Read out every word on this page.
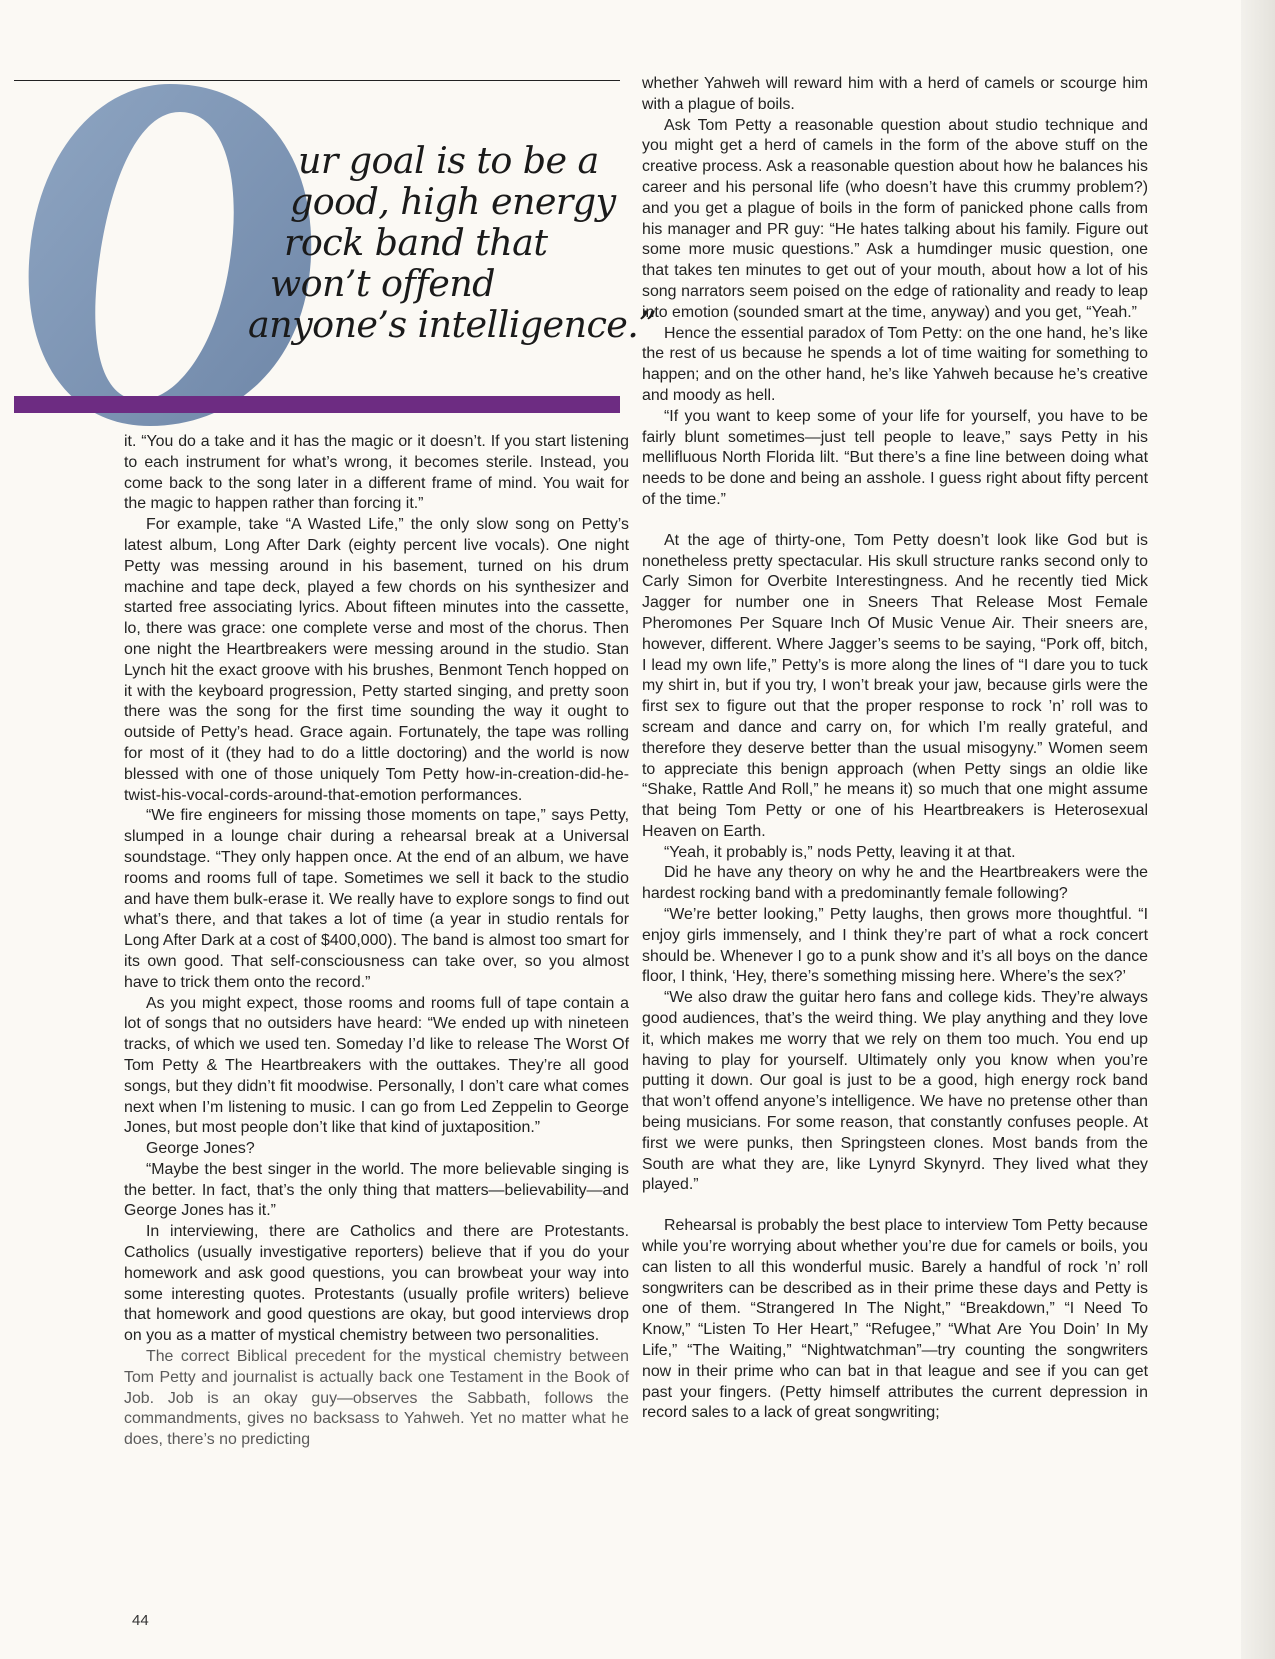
ur goal is to be a
good, high energy
rock band that
won’t offend
anyone’s intelligence.”

it. “You do a take and it has the magic or it doesn’t. If you start listening to each instrument for what’s wrong, it becomes sterile. Instead, you come back to the song later in a different frame of mind. You wait for the magic to happen rather than forcing it.”

For example, take “A Wasted Life,” the only slow song on Petty’s latest album, Long After Dark (eighty percent live vocals). One night Petty was messing around in his basement, turned on his drum machine and tape deck, played a few chords on his synthesizer and started free associating lyrics. About fifteen minutes into the cassette, lo, there was grace: one complete verse and most of the chorus. Then one night the Heartbreakers were messing around in the studio. Stan Lynch hit the exact groove with his brushes, Benmont Tench hopped on it with the keyboard progression, Petty started singing, and pretty soon there was the song for the first time sounding the way it ought to outside of Petty’s head. Grace again. Fortunately, the tape was rolling for most of it (they had to do a little doctoring) and the world is now blessed with one of those uniquely Tom Petty how-in-creation-did-he-twist-his-vocal-cords-around-that-emotion performances.

“We fire engineers for missing those moments on tape,” says Petty, slumped in a lounge chair during a rehearsal break at a Universal soundstage. “They only happen once. At the end of an album, we have rooms and rooms full of tape. Sometimes we sell it back to the studio and have them bulk-erase it. We really have to explore songs to find out what’s there, and that takes a lot of time (a year in studio rentals for Long After Dark at a cost of $400,000). The band is almost too smart for its own good. That self-consciousness can take over, so you almost have to trick them onto the record.”

As you might expect, those rooms and rooms full of tape contain a lot of songs that no outsiders have heard: “We ended up with nineteen tracks, of which we used ten. Someday I’d like to release The Worst Of Tom Petty & The Heartbreakers with the outtakes. They’re all good songs, but they didn’t fit moodwise. Personally, I don’t care what comes next when I’m listening to music. I can go from Led Zeppelin to George Jones, but most people don’t like that kind of juxtaposition.”

George Jones?

“Maybe the best singer in the world. The more believable singing is the better. In fact, that’s the only thing that matters—believability—and George Jones has it.”

In interviewing, there are Catholics and there are Protestants. Catholics (usually investigative reporters) believe that if you do your homework and ask good questions, you can browbeat your way into some interesting quotes. Protestants (usually profile writers) believe that homework and good questions are okay, but good interviews drop on you as a matter of mystical chemistry between two personalities.

The correct Biblical precedent for the mystical chemistry between Tom Petty and journalist is actually back one Testament in the Book of Job. Job is an okay guy—observes the Sabbath, follows the commandments, gives no backsass to Yahweh. Yet no matter what he does, there’s no predicting

whether Yahweh will reward him with a herd of camels or scourge him with a plague of boils.

Ask Tom Petty a reasonable question about studio technique and you might get a herd of camels in the form of the above stuff on the creative process. Ask a reasonable question about how he balances his career and his personal life (who doesn’t have this crummy problem?) and you get a plague of boils in the form of panicked phone calls from his manager and PR guy: “He hates talking about his family. Figure out some more music questions.” Ask a humdinger music question, one that takes ten minutes to get out of your mouth, about how a lot of his song narrators seem poised on the edge of rationality and ready to leap into emotion (sounded smart at the time, anyway) and you get, “Yeah.”

Hence the essential paradox of Tom Petty: on the one hand, he’s like the rest of us because he spends a lot of time waiting for something to happen; and on the other hand, he’s like Yahweh because he’s creative and moody as hell.

“If you want to keep some of your life for yourself, you have to be fairly blunt sometimes—just tell people to leave,” says Petty in his mellifluous North Florida lilt. “But there’s a fine line between doing what needs to be done and being an asshole. I guess right about fifty percent of the time.”

At the age of thirty-one, Tom Petty doesn’t look like God but is nonetheless pretty spectacular. His skull structure ranks second only to Carly Simon for Overbite Interestingness. And he recently tied Mick Jagger for number one in Sneers That Release Most Female Pheromones Per Square Inch Of Music Venue Air. Their sneers are, however, different. Where Jagger’s seems to be saying, “Pork off, bitch, I lead my own life,” Petty’s is more along the lines of “I dare you to tuck my shirt in, but if you try, I won’t break your jaw, because girls were the first sex to figure out that the proper response to rock ’n’ roll was to scream and dance and carry on, for which I’m really grateful, and therefore they deserve better than the usual misogyny.” Women seem to appreciate this benign approach (when Petty sings an oldie like “Shake, Rattle And Roll,” he means it) so much that one might assume that being Tom Petty or one of his Heartbreakers is Heterosexual Heaven on Earth.

“Yeah, it probably is,” nods Petty, leaving it at that.

Did he have any theory on why he and the Heartbreakers were the hardest rocking band with a predominantly female following?

“We’re better looking,” Petty laughs, then grows more thoughtful. “I enjoy girls immensely, and I think they’re part of what a rock concert should be. Whenever I go to a punk show and it’s all boys on the dance floor, I think, ‘Hey, there’s something missing here. Where’s the sex?’

“We also draw the guitar hero fans and college kids. They’re always good audiences, that’s the weird thing. We play anything and they love it, which makes me worry that we rely on them too much. You end up having to play for yourself. Ultimately only you know when you’re putting it down. Our goal is just to be a good, high energy rock band that won’t offend anyone’s intelligence. We have no pretense other than being musicians. For some reason, that constantly confuses people. At first we were punks, then Springsteen clones. Most bands from the South are what they are, like Lynyrd Skynyrd. They lived what they played.”

Rehearsal is probably the best place to interview Tom Petty because while you’re worrying about whether you’re due for camels or boils, you can listen to all this wonderful music. Barely a handful of rock ’n’ roll songwriters can be described as in their prime these days and Petty is one of them. “Strangered In The Night,” “Breakdown,” “I Need To Know,” “Listen To Her Heart,” “Refugee,” “What Are You Doin’ In My Life,” “The Waiting,” “Nightwatchman”—try counting the songwriters now in their prime who can bat in that league and see if you can get past your fingers. (Petty himself attributes the current depression in record sales to a lack of great songwriting;

44
